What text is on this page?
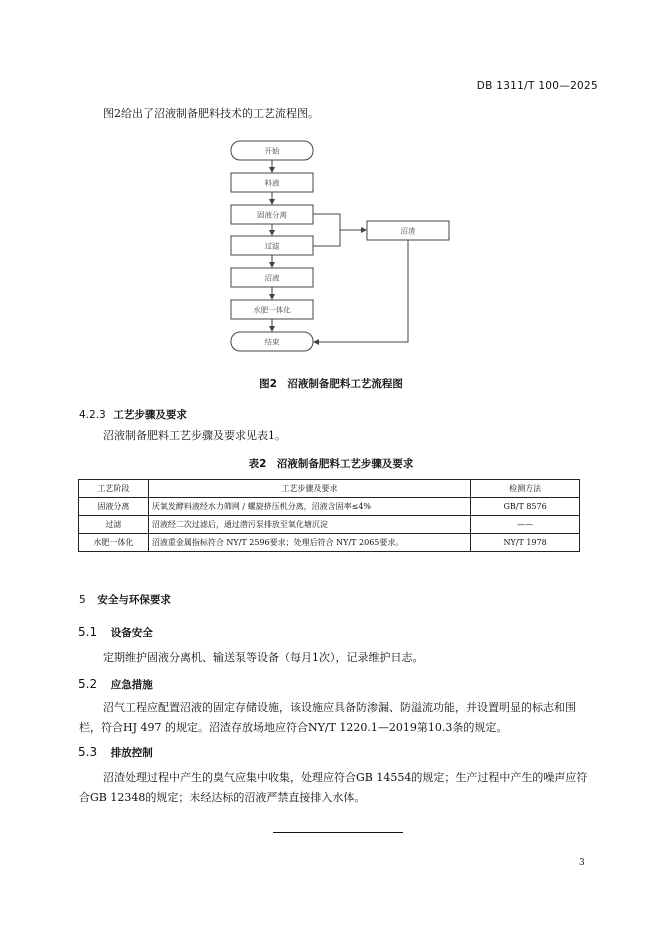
DB 1311/T 100—2025
图2给出了沼液制备肥料技术的工艺流程图。
开始
料液
固液分离
过滤
沼液
水肥一体化
结束
沼渣
图2　沼液制备肥料工艺流程图
4.2.3 工艺步骤及要求
沼液制备肥料工艺步骤及要求见表1。
表2　沼液制备肥料工艺步骤及要求
工艺阶段	工艺步骤及要求	检测方法
固液分离	厌氧发酵料液经水力筛网 / 螺旋挤压机分离，沼液含固率≤4%	GB/T 8576
过滤	沼液经二次过滤后，通过潜污泵排放至氧化塘沉淀	——
水肥一体化	沼液重金属指标符合 NY/T 2596要求；处理后符合 NY/T 2065要求。	NY/T 1978
5 安全与环保要求
5.1 设备安全
定期维护固液分离机、输送泵等设备（每月1次），记录维护日志。
5.2 应急措施
沼气工程应配置沼液的固定存储设施，该设施应具备防渗漏、防溢流功能，并设置明显的标志和围
栏，符合HJ 497 的规定。沼渣存放场地应符合NY/T 1220.1—2019第10.3条的规定。
5.3 排放控制
沼渣处理过程中产生的臭气应集中收集，处理应符合GB 14554的规定；生产过程中产生的噪声应符
合GB 12348的规定；未经达标的沼液严禁直接排入水体。
3
